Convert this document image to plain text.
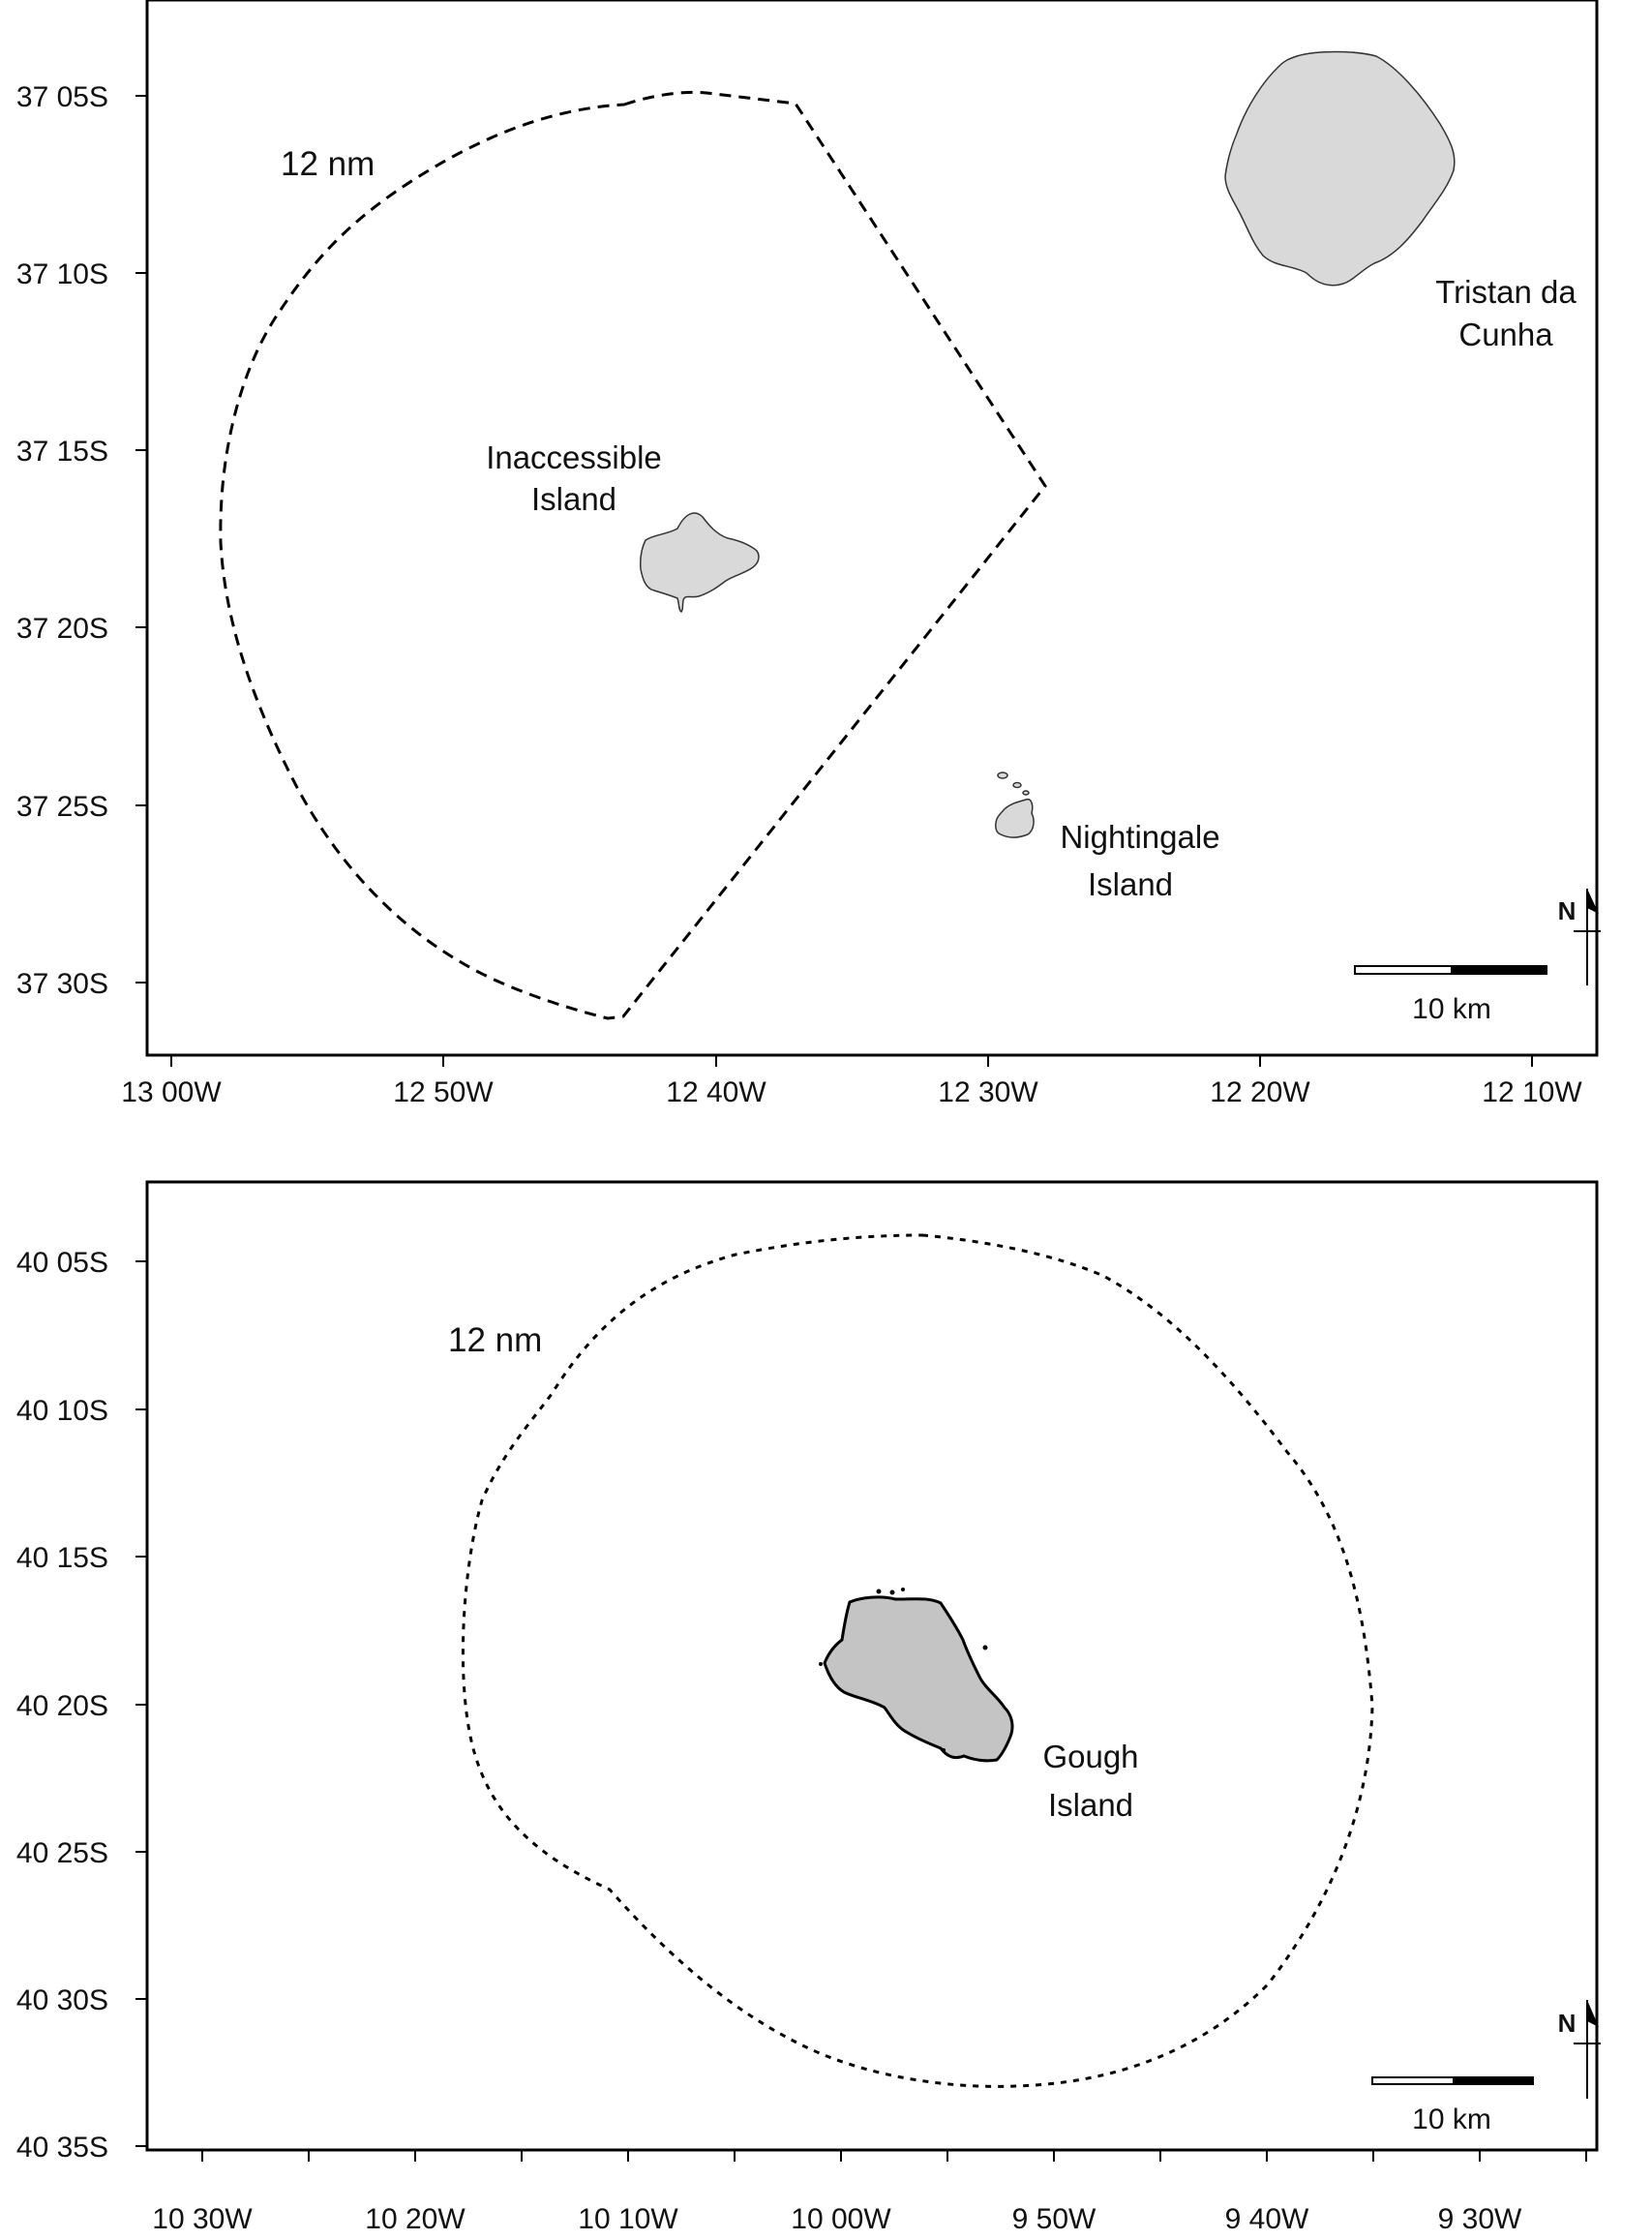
37 05S
37 10S
37 15S
37 20S
37 25S
37 30S
13 00W	12 50W	12 40W	12 30W	12 20W	12 10W
12 nm
Tristan da
Cunha
Inaccessible
Island
Nightingale
Island
10 km
N
40 05S
40 10S
40 15S
40 20S
40 25S
40 30S
40 35S
10 30W	10 20W	10 10W	10 00W	9 50W	9 40W	9 30W
12 nm
Gough
Island
10 km
N
